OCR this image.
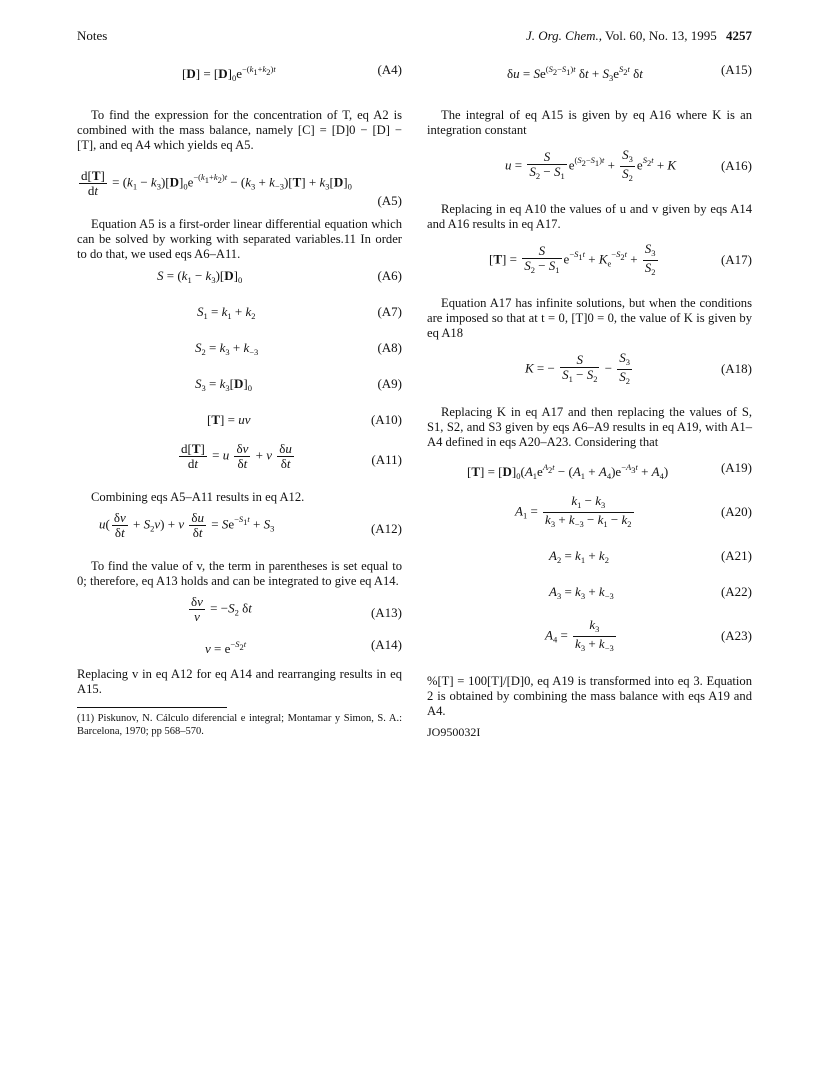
Notes	J. Org. Chem., Vol. 60, No. 13, 1995 4257
$[D] = [D]_0e^{-(k_1+k_2)t}$	(A4)

To find the expression for the concentration of T, eq A2 is combined with the mass balance, namely [C] = [D]0 − [D] − [T], and eq A4 which yields eq A5.

$\frac{d[T]}{dt} = (k_1 - k_3)[D]_0e^{-(k_1+k_2)t} - (k_3 + k_{-3})[T] + k_3[D]_0$
(A5)

Equation A5 is a first-order linear differential equation which can be solved by working with separated variables.11 In order to do that, we used eqs A6–A11.

$S = (k_1 - k_3)[D]_0$	(A6)
$S_1 = k_1 + k_2$	(A7)
$S_2 = k_3 + k_{-3}$	(A8)
$S_3 = k_3[D]_0$	(A9)
[T] = uv	(A10)
$\frac{d[T]}{dt} = u \frac{\delta v}{\delta t} + v \frac{\delta u}{\delta t}$	(A11)

Combining eqs A5–A11 results in eq A12.

$u( \frac{\delta v}{\delta t} + S_2v) + v \frac{\delta u}{\delta t} = Se^{-S_1t} + S_3$	(A12)

To find the value of v, the term in parentheses is set equal to 0; therefore, eq A13 holds and can be integrated to give eq A14.

$\frac{\delta v}{v} = -S_2$ δt	(A13)
$v = e^{-S_2t}$	(A14)

Replacing v in eq A12 for eq A14 and rearranging results in eq A15.

(11) Piskunov, N. Cálculo diferencial e integral; Montamar y Simon, S. A.: Barcelona, 1970; pp 568–570.
$\delta u = Se^{(S_2-S_1)t}$ $\delta t + S_3e^{S_2t}$ δt	(A15)

The integral of eq A15 is given by eq A16 where K is an integration constant

$u = \frac{S}{S_2 - S_1} e^{(S_2-S_1)t} + \frac{S_3}{S_2} e^{S_2t} + K$	(A16)

Replacing in eq A10 the values of u and v given by eqs A14 and A16 results in eq A17.

$[T] = \frac{S}{S_2 - S_1} e^{-S_1t} + K_e^{-S_2t} + \frac{S_3}{S_2}$	(A17)

Equation A17 has infinite solutions, but when the conditions are imposed so that at t = 0, [T]0 = 0, the value of K is given by eq A18

K = − $\frac{S}{S_1 - S_2} - \frac{S_3}{S_2}$	(A18)

Replacing K in eq A17 and then replacing the values of S, S1, S2, and S3 given by eqs A6–A9 results in eq A19, with A1–A4 defined in eqs A20–A23. Considering that

$[T] = [D]_0(A_1e^{A_2t} - (A_1 + A_4)e^{-A_3t} + A_4)$	(A19)
$A_1 = \frac{k_1 - k_3}{k_3 + k_{-3} - k_1 - k_2}$	(A20)
$A_2 = k_1 + k_2$	(A21)
$A_3 = k_3 + k_{-3}$	(A22)
$A_4 = \frac{k_3}{k_3 + k_{-3}}$	(A23)

%[T] = 100[T]/[D]0, eq A19 is transformed into eq 3. Equation 2 is obtained by combining the mass balance with eqs A19 and A4.

JO950032I
